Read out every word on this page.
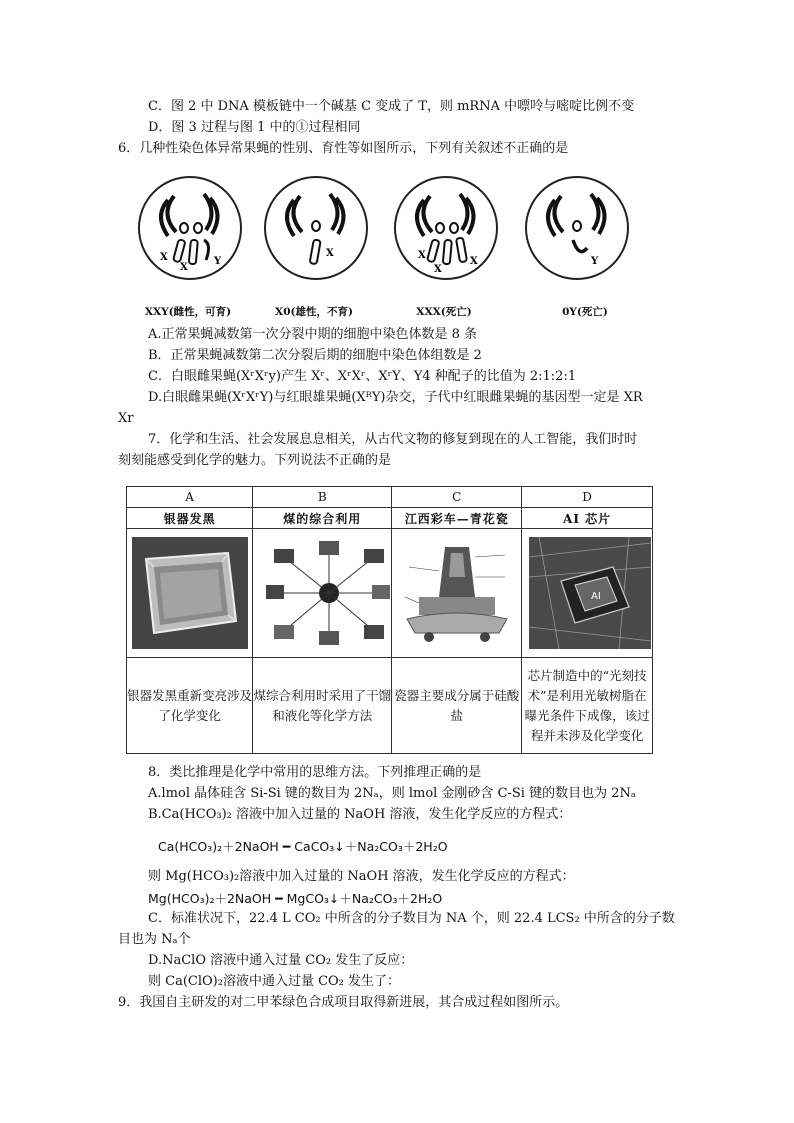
C．图 2 中 DNA 模板链中一个碱基 C 变成了 T，则 mRNA 中嘌呤与嘧啶比例不变
D．图 3 过程与图 1 中的①过程相同
6．几种性染色体异常果蝇的性别、育性等如图所示，下列有关叙述不正确的是
X
X
Y
XXY(雌性，可育)
X
X0(雄性，不育)
X
X
X
XXX(死亡)
Y
0Y(死亡)
A.正常果蝇减数第一次分裂中期的细胞中染色体数是 8 条
B．正常果蝇减数第二次分裂后期的细胞中染色体组数是 2
C．白眼雌果蝇(XʳXʳy)产生 Xʳ、XʳXʳ、XʳY、Y4 种配子的比值为 2:1:2:1
D.白眼雌果蝇(XʳXʳY)与红眼雄果蝇(XᴿY)杂交，子代中红眼雌果蝇的基因型一定是 XR
Xr
7．化学和生活、社会发展息息相关，从古代文物的修复到现在的人工智能，我们时时
刻刻能感受到化学的魅力。下列说法不正确的是
A	B	C	D
银器发黑	煤的综合利用	江西彩车—青花瓷	AI 芯片

AI

银器发黑重新变亮涉及了化学变化	煤综合利用时采用了干馏和液化等化学方法	瓷器主要成分属于硅酸盐	芯片制造中的“光刻技术”是利用光敏树脂在曝光条件下成像，该过程并未涉及化学变化
8．类比推理是化学中常用的思维方法。下列推理正确的是
A.lmol 晶体硅含 Si-Si 键的数目为 2Nₐ，则 lmol 金刚砂含 C-Si 键的数目也为 2Nₐ
B.Ca(HCO₃)₂ 溶液中加入过量的 NaOH 溶液，发生化学反应的方程式：
Ca(HCO₃)₂＋2NaOH ━ CaCO₃↓＋Na₂CO₃＋2H₂O
则 Mg(HCO₃)₂溶液中加入过量的 NaOH 溶液，发生化学反应的方程式：
Mg(HCO₃)₂＋2NaOH ━ MgCO₃↓＋Na₂CO₃＋2H₂O
C．标准状况下，22.4 L CO₂ 中所含的分子数目为 NA 个，则 22.4 LCS₂ 中所含的分子数
目也为 Nₐ个
D.NaClO 溶液中通入过量 CO₂ 发生了反应：
则 Ca(ClO)₂溶液中通入过量 CO₂ 发生了：
9．我国自主研发的对二甲苯绿色合成项目取得新进展，其合成过程如图所示。
